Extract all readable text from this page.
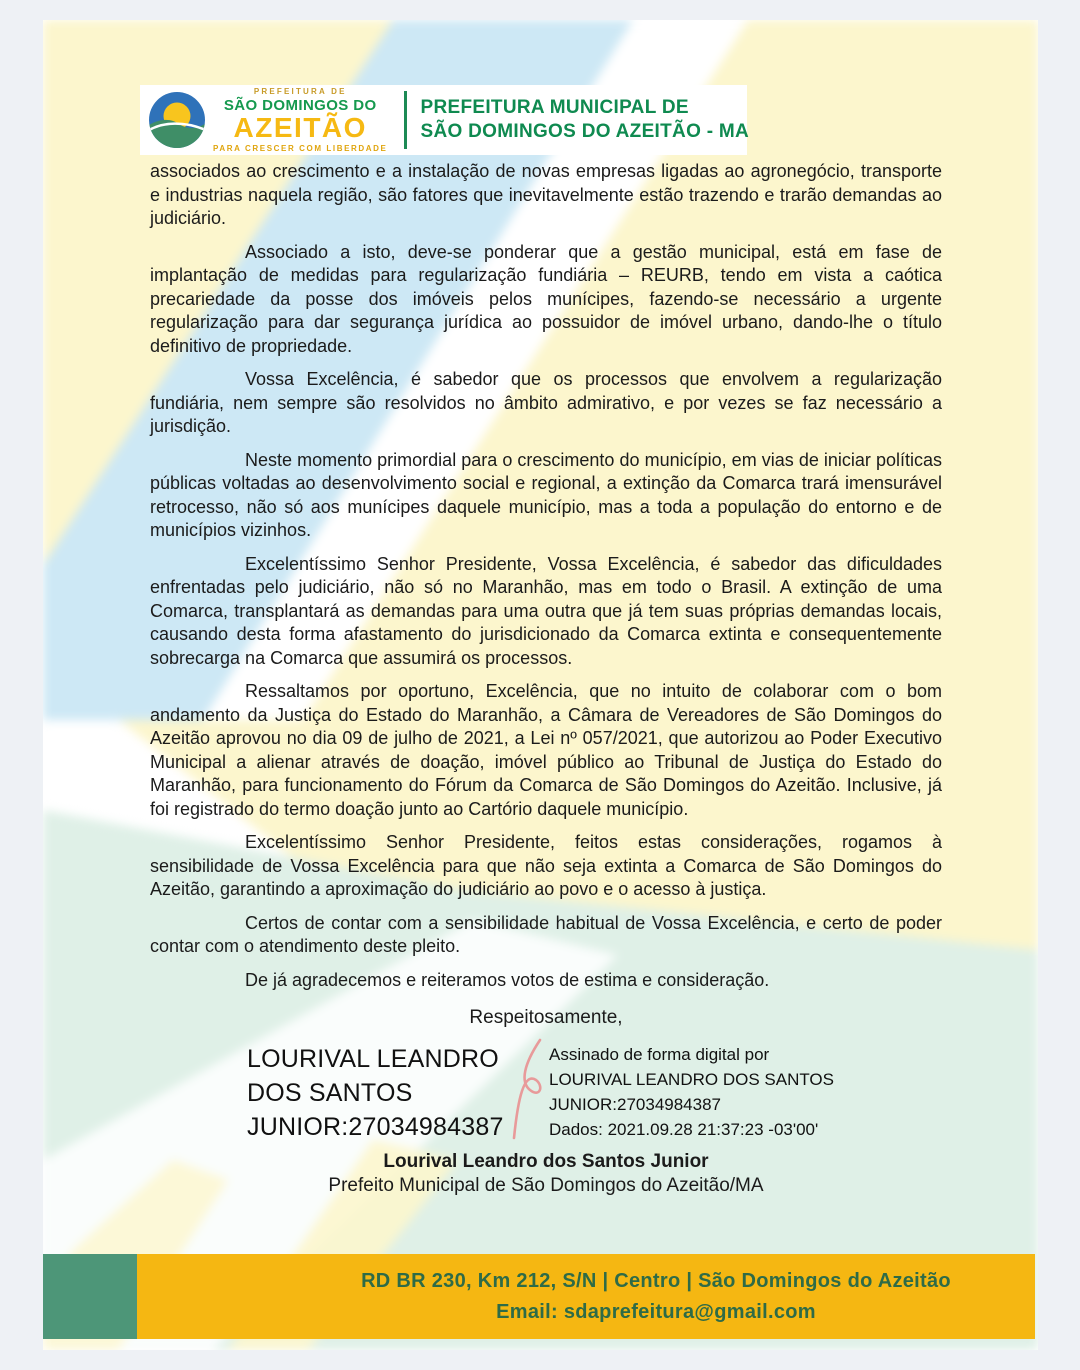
PREFEITURA DE
SÃO DOMINGOS DO
AZEITÃO
PARA CRESCER COM LIBERDADE
PREFEITURA MUNICIPAL DE
SÃO DOMINGOS DO AZEITÃO - MA

associados ao crescimento e a instalação de novas empresas ligadas ao agronegócio, transporte e industrias naquela região, são fatores que inevitavelmente estão trazendo e trarão demandas ao judiciário.

Associado a isto, deve-se ponderar que a gestão municipal, está em fase de implantação de medidas para regularização fundiária – REURB, tendo em vista a caótica precariedade da posse dos imóveis pelos munícipes, fazendo-se necessário a urgente regularização para dar segurança jurídica ao possuidor de imóvel urbano, dando-lhe o título definitivo de propriedade.

Vossa Excelência, é sabedor que os processos que envolvem a regularização fundiária, nem sempre são resolvidos no âmbito admirativo, e por vezes se faz necessário a jurisdição.

Neste momento primordial para o crescimento do município, em vias de iniciar políticas públicas voltadas ao desenvolvimento social e regional, a extinção da Comarca trará imensurável retrocesso, não só aos munícipes daquele município, mas a toda a população do entorno e de municípios vizinhos.

Excelentíssimo Senhor Presidente, Vossa Excelência, é sabedor das dificuldades enfrentadas pelo judiciário, não só no Maranhão, mas em todo o Brasil. A extinção de uma Comarca, transplantará as demandas para uma outra que já tem suas próprias demandas locais, causando desta forma afastamento do jurisdicionado da Comarca extinta e consequentemente sobrecarga na Comarca que assumirá os processos.

Ressaltamos por oportuno, Excelência, que no intuito de colaborar com o bom andamento da Justiça do Estado do Maranhão, a Câmara de Vereadores de São Domingos do Azeitão aprovou no dia 09 de julho de 2021, a Lei nº 057/2021, que autorizou ao Poder Executivo Municipal a alienar através de doação, imóvel público ao Tribunal de Justiça do Estado do Maranhão, para funcionamento do Fórum da Comarca de São Domingos do Azeitão. Inclusive, já foi registrado do termo doação junto ao Cartório daquele município.

Excelentíssimo Senhor Presidente, feitos estas considerações, rogamos à sensibilidade de Vossa Excelência para que não seja extinta a Comarca de São Domingos do Azeitão, garantindo a aproximação do judiciário ao povo e o acesso à justiça.

Certos de contar com a sensibilidade habitual de Vossa Excelência, e certo de poder contar com o atendimento deste pleito.

De já agradecemos e reiteramos votos de estima e consideração.

Respeitosamente,
LOURIVAL LEANDRO DOS SANTOS JUNIOR:27034984387
Assinado de forma digital por
LOURIVAL LEANDRO DOS SANTOS
JUNIOR:27034984387
Dados: 2021.09.28 21:37:23 -03'00'
Lourival Leandro dos Santos Junior
Prefeito Municipal de São Domingos do Azeitão/MA
RD BR 230, Km 212, S/N | Centro | São Domingos do Azeitão
Email: sdaprefeitura@gmail.com
